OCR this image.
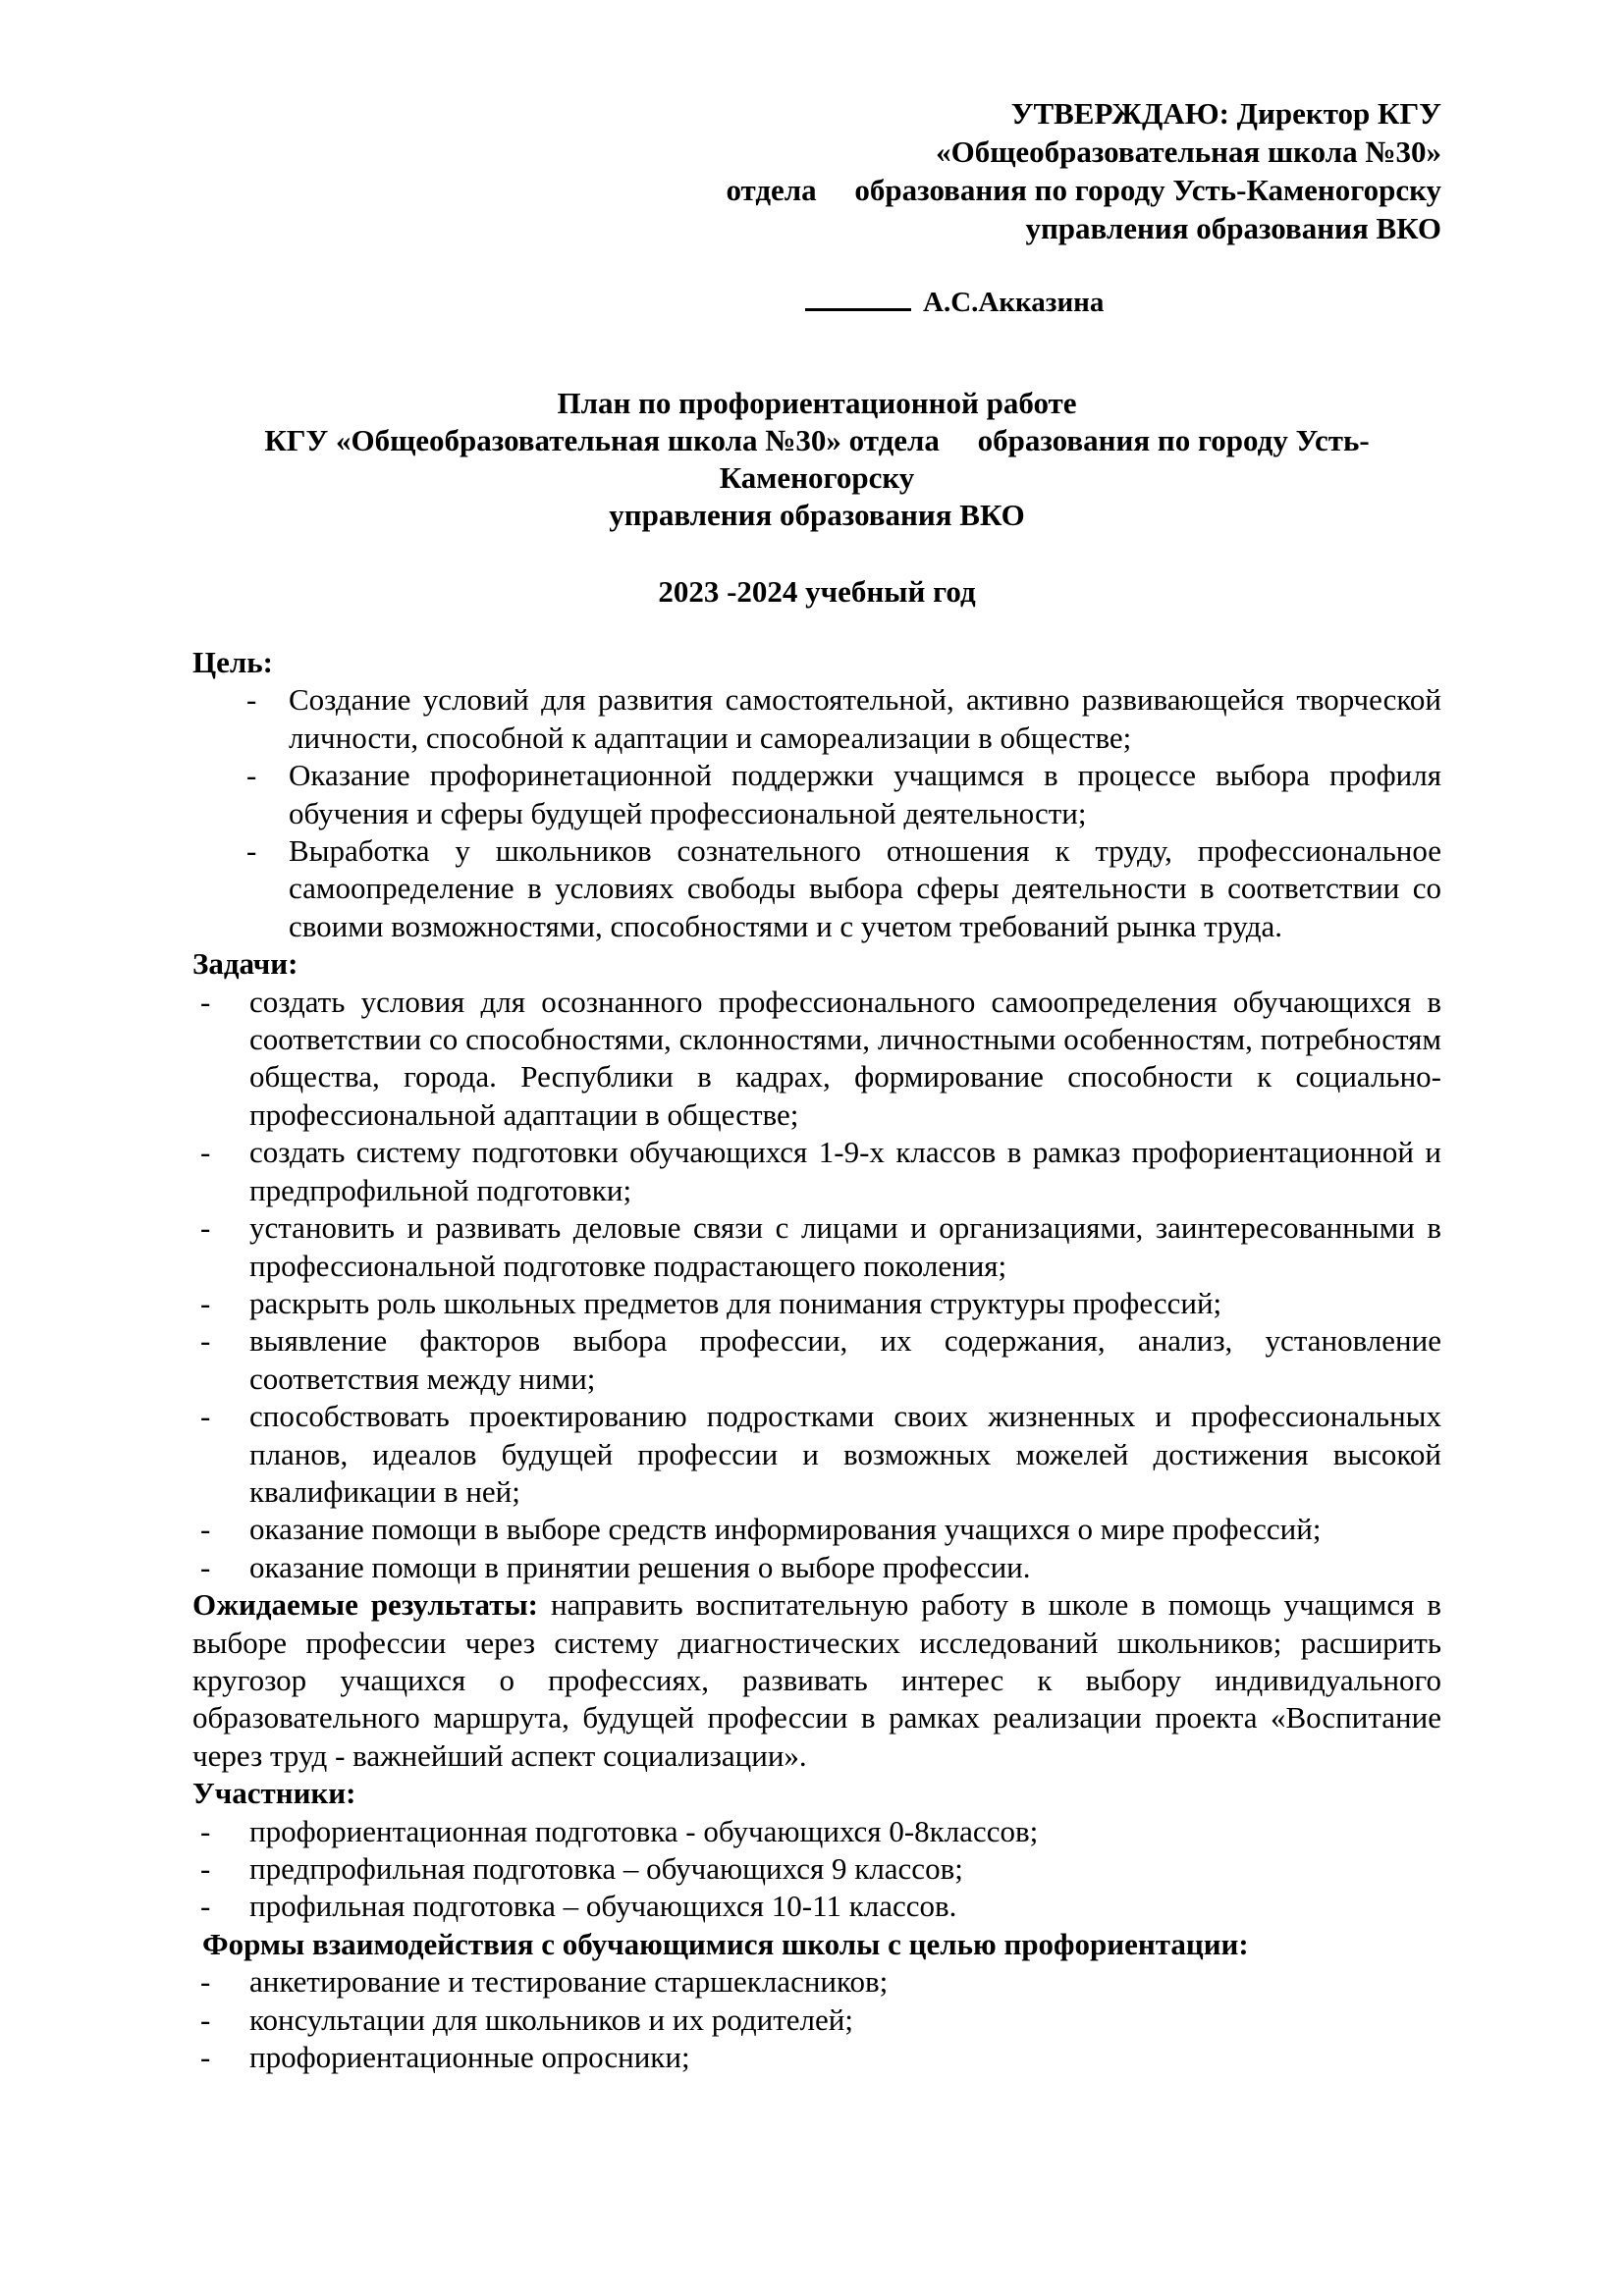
УТВЕРЖДАЮ: Директор КГУ
«Общеобразовательная школа №30»
отдела     образования по городу Усть-Каменогорску
управления образования ВКО
А.С.Акказина
План по профориентационной работе
КГУ «Общеобразовательная школа №30» отдела     образования по городу Усть-
Каменогорску
управления образования ВКО
2023 -2024 учебный год

Цель:

- Создание условий для развития самостоятельной, активно развивающейся творческой личности, способной к адаптации и самореализации в обществе;
- Оказание профоринетационной поддержки учащимся в процессе выбора профиля обучения и сферы будущей профессиональной деятельности;
- Выработка у школьников сознательного отношения к труду, профессиональное самоопределение в условиях свободы выбора сферы деятельности в соответствии со своими возможностями, способностями и с учетом требований рынка труда.

Задачи:

- создать условия для осознанного профессионального самоопределения обучающихся в соответствии со способностями, склонностями, личностными особенностям, потребностям общества, города. Республики в кадрах, формирование способности к социально-профессиональной адаптации в обществе;
- создать систему подготовки обучающихся 1-9-х классов в рамказ профориентационной и предпрофильной подготовки;
- установить и развивать деловые связи с лицами и организациями, заинтересованными в профессиональной подготовке подрастающего поколения;
- раскрыть роль школьных предметов для понимания структуры профессий;
- выявление факторов выбора профессии, их содержания, анализ, установление соответствия между ними;
- способствовать проектированию подростками своих жизненных и профессиональных планов, идеалов будущей профессии и возможных можелей достижения высокой квалификации в ней;
- оказание помощи в выборе средств информирования учащихся о мире профессий;
- оказание помощи в принятии решения о выборе профессии.

Ожидаемые результаты: направить воспитательную работу в школе в помощь учащимся в выборе профессии через систему диагностических исследований школьников; расширить кругозор учащихся о профессиях, развивать интерес к выбору индивидуального образовательного маршрута, будущей профессии в рамках реализации проекта «Воспитание через труд - важнейший аспект социализации».

Участники:

- профориентационная подготовка - обучающихся 0-8классов;
- предпрофильная подготовка – обучающихся 9 классов;
- профильная подготовка – обучающихся 10-11 классов.

Формы взаимодействия с обучающимися школы с целью профориентации:

- анкетирование и тестирование старшекласников;
- консультации для школьников и их родителей;
- профориентационные опросники;
